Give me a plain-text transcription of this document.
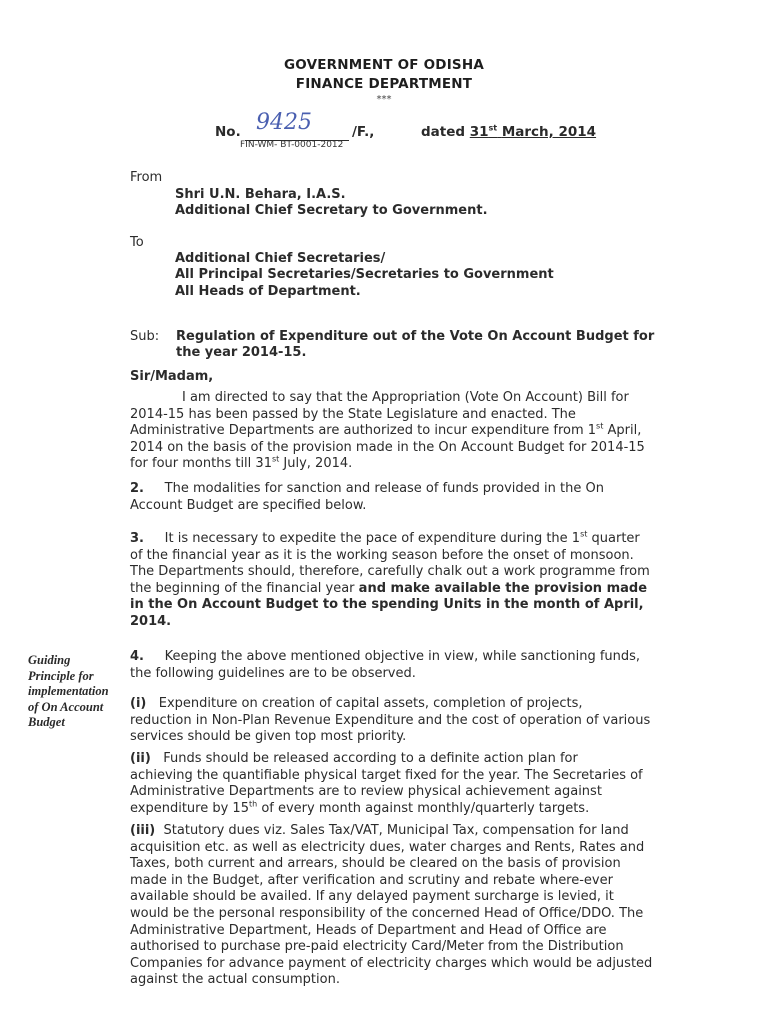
GOVERNMENT OF ODISHA
FINANCE DEPARTMENT
***
No. 9425	/F.,	dated 31st March, 2014
FIN-WM- BT-0001-2012
From
Shri U.N. Behara, I.A.S.
Additional Chief Secretary to Government.
To
Additional Chief Secretaries/
All Principal Secretaries/Secretaries to Government
All Heads of Department.
Sub: Regulation of Expenditure out of the Vote On Account Budget for
the year 2014-15.
Sir/Madam,
I am directed to say that the Appropriation (Vote On Account) Bill for
2014-15 has been passed by the State Legislature and enacted. The
Administrative Departments are authorized to incur expenditure from 1st April,
2014 on the basis of the provision made in the On Account Budget for 2014-15
for four months till 31st July, 2014.
2. The modalities for sanction and release of funds provided in the On
Account Budget are specified below.
3. It is necessary to expedite the pace of expenditure during the 1st quarter
of the financial year as it is the working season before the onset of monsoon.
The Departments should, therefore, carefully chalk out a work programme from
the beginning of the financial year and make available the provision made
in the On Account Budget to the spending Units in the month of April,
2014.
Guiding
Principle for
implementation
of On Account
Budget
4. Keeping the above mentioned objective in view, while sanctioning funds,
the following guidelines are to be observed.
(i) Expenditure on creation of capital assets, completion of projects,
reduction in Non-Plan Revenue Expenditure and the cost of operation of various
services should be given top most priority.
(ii) Funds should be released according to a definite action plan for
achieving the quantifiable physical target fixed for the year. The Secretaries of
Administrative Departments are to review physical achievement against
expenditure by 15th of every month against monthly/quarterly targets.
(iii) Statutory dues viz. Sales Tax/VAT, Municipal Tax, compensation for land
acquisition etc. as well as electricity dues, water charges and Rents, Rates and
Taxes, both current and arrears, should be cleared on the basis of provision
made in the Budget, after verification and scrutiny and rebate where-ever
available should be availed. If any delayed payment surcharge is levied, it
would be the personal responsibility of the concerned Head of Office/DDO. The
Administrative Department, Heads of Department and Head of Office are
authorised to purchase pre-paid electricity Card/Meter from the Distribution
Companies for advance payment of electricity charges which would be adjusted
against the actual consumption.
